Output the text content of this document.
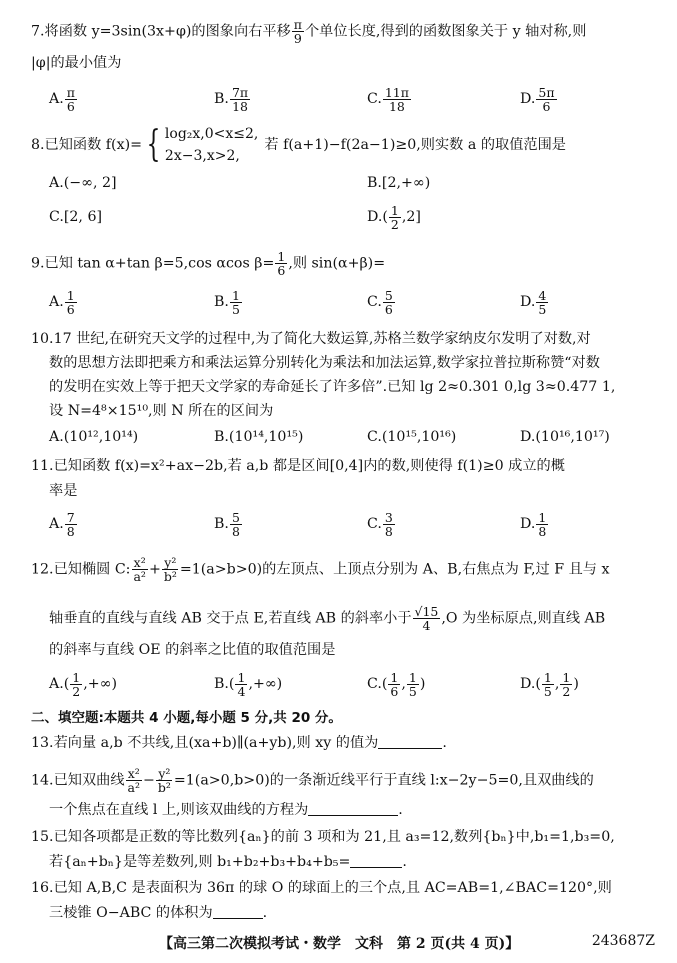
7.将函数 y=3sin(3x+φ)的图象向右平移 $\frac{\pi}{9}$ 个单位长度,得到的函数图象关于 y 轴对称,则
|φ|的最小值为
A. $\frac{\pi}{6}$	B. $\frac{7\pi}{18}$	C. $\frac{11\pi}{18}$	D. $\frac{5\pi}{6}$
8.已知函数 f(x)= { log₂x,0<x≤2,
2x−3,x>2,
若 f(a+1)−f(2a−1)≥0,则实数 a 的取值范围是
A.(−∞, 2]	B.[2,+∞)
C.[2, 6]	$D.( \frac{1}{2} ,2]$
9.已知 tan α+tan β=5,cos αcos $\beta= \frac{1}{6}$ ,则 sin(α+β)=
A. $\frac{1}{6}$	B. $\frac{1}{5}$	C. $\frac{5}{6}$	D. $\frac{4}{5}$
10.17 世纪,在研究天文学的过程中,为了简化大数运算,苏格兰数学家纳皮尔发明了对数,对
数的思想方法即把乘方和乘法运算分别转化为乘法和加法运算,数学家拉普拉斯称赞“对数
的发明在实效上等于把天文学家的寿命延长了许多倍”.已知 lg 2≈0.301 0,lg 3≈0.477 1,
设 N=4⁸×15¹⁰,则 N 所在的区间为
A.(10¹²,10¹⁴)	B.(10¹⁴,10¹⁵)	C.(10¹⁵,10¹⁶)	D.(10¹⁶,10¹⁷)
11.已知函数 f(x)=x²+ax−2b,若 a,b 都是区间[0,4]内的数,则使得 f(1)≥0 成立的概
率是
A. $\frac{7}{8}$	B. $\frac{5}{8}$	C. $\frac{3}{8}$	D. $\frac{1}{8}$
12.已知椭圆 C: $\frac{\text{x²}}{\text{a²}} + \frac{\text{y²}}{\text{b²}} =1(a>b>0)$的左顶点、上顶点分别为 A、B,右焦点为 F,过 F 且与 x
轴垂直的直线与直线 AB 交于点 E,若直线 AB 的斜率小于 $\frac{√15}{4} ,O$ 为坐标原点,则直线 AB
的斜率与直线 OE 的斜率之比值的取值范围是
$A.( \frac{1}{2}$ ,+∞)	$B.( \frac{1}{4}$ ,+∞)	$C.( \frac{1}{6}$ , $\frac{1}{5}$ )	$D.( \frac{1}{5}$ , $\frac{1}{2}$ )
二、填空题:本题共 4 小题,每小题 5 分,共 20 分。
13.若向量 a,b 不共线,且(xa+b)∥(a+yb),则 xy 的值为	.
14.已知双曲线 $\frac{\text{x²}}{\text{a²}} - \frac{\text{y²}}{\text{b²}} =1(a>0,b>0)$的一条渐近线平行于直线 l:x−2y−5=0,且双曲线的
一个焦点在直线 l 上,则该双曲线的方程为	.
15.已知各项都是正数的等比数列{aₙ}的前 3 项和为 21,且 a₃=12,数列{bₙ}中,b₁=1,b₃=0,
若{aₙ+bₙ}是等差数列,则 b₁+b₂+b₃+b₄+b₅=	.
16.已知 A,B,C 是表面积为 36π 的球 O 的球面上的三个点,且 AC=AB=1,∠BAC=120°,则
三棱锥 O−ABC 的体积为	.
【高三第二次模拟考试・数学　文科　第 2 页(共 4 页)】	243687Z
